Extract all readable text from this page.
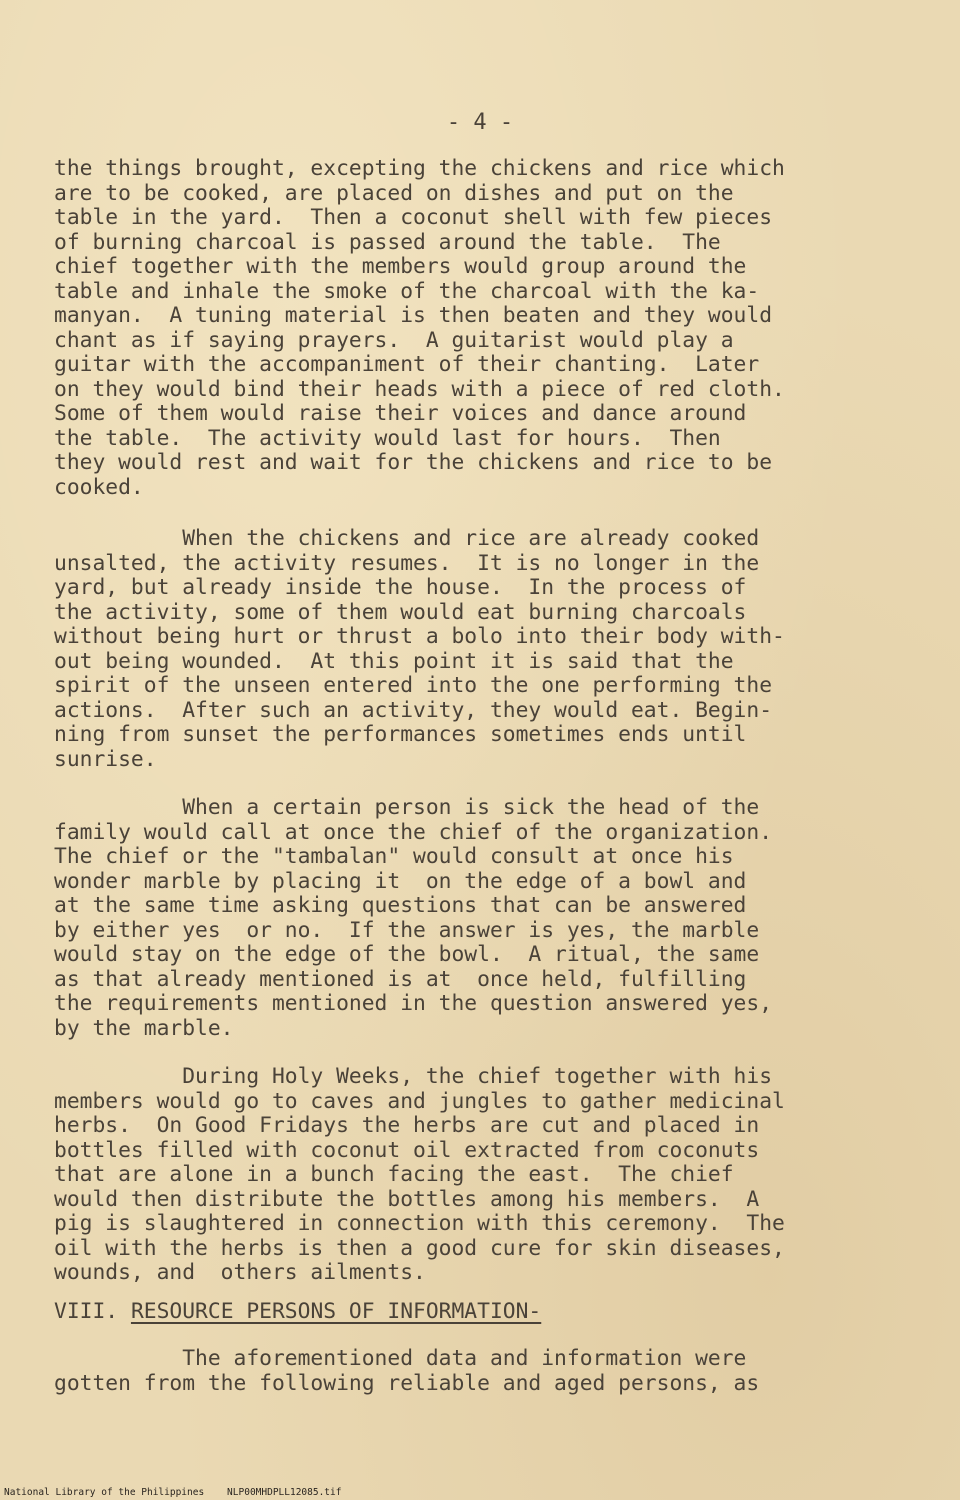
- 4 -
the things brought, excepting the chickens and rice which
are to be cooked, are placed on dishes and put on the
table in the yard.  Then a coconut shell with few pieces
of burning charcoal is passed around the table.  The
chief together with the members would group around the
table and inhale the smoke of the charcoal with the ka-
manyan.  A tuning material is then beaten and they would
chant as if saying prayers.  A guitarist would play a
guitar with the accompaniment of their chanting.  Later
on they would bind their heads with a piece of red cloth.
Some of them would raise their voices and dance around
the table.  The activity would last for hours.  Then
they would rest and wait for the chickens and rice to be
cooked.
When the chickens and rice are already cooked
unsalted, the activity resumes.  It is no longer in the
yard, but already inside the house.  In the process of
the activity, some of them would eat burning charcoals
without being hurt or thrust a bolo into their body with-
out being wounded.  At this point it is said that the
spirit of the unseen entered into the one performing the
actions.  After such an activity, they would eat. Begin-
ning from sunset the performances sometimes ends until
sunrise.
When a certain person is sick the head of the
family would call at once the chief of the organization.
The chief or the "tambalan" would consult at once his
wonder marble by placing it  on the edge of a bowl and
at the same time asking questions that can be answered
by either yes  or no.  If the answer is yes, the marble
would stay on the edge of the bowl.  A ritual, the same
as that already mentioned is at  once held, fulfilling
the requirements mentioned in the question answered yes,
by the marble.
During Holy Weeks, the chief together with his
members would go to caves and jungles to gather medicinal
herbs.  On Good Fridays the herbs are cut and placed in
bottles filled with coconut oil extracted from coconuts
that are alone in a bunch facing the east.  The chief
would then distribute the bottles among his members.  A
pig is slaughtered in connection with this ceremony.  The
oil with the herbs is then a good cure for skin diseases,
wounds, and  others ailments.
VIII. RESOURCE PERSONS OF INFORMATION-
The aforementioned data and information were
gotten from the following reliable and aged persons, as
National Library of the Philippines    NLP00MHDPLL12085.tif
